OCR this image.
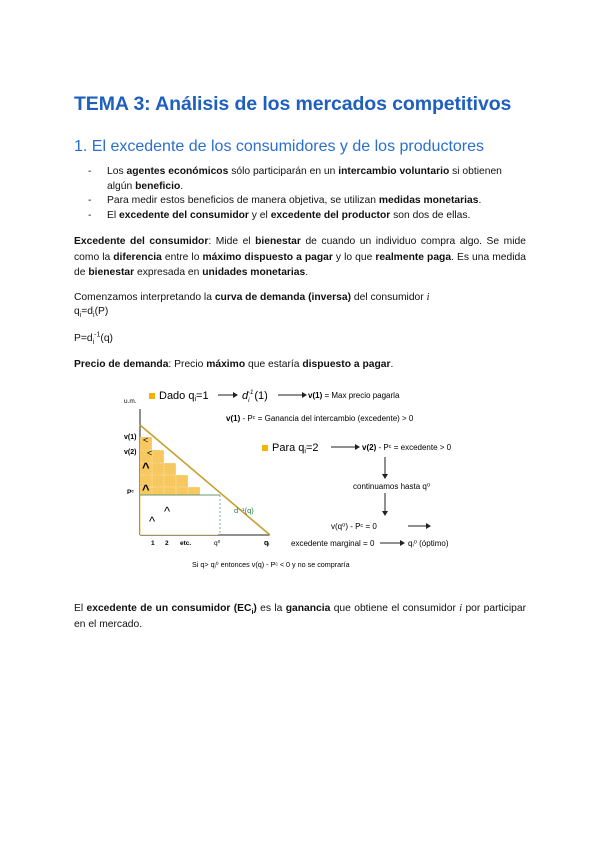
TEMA 3: Análisis de los mercados competitivos
1. El excedente de los consumidores y de los productores
- Los agentes económicos sólo participarán en un intercambio voluntario si obtienen algún beneficio.
- Para medir estos beneficios de manera objetiva, se utilizan medidas monetarias.
- El excedente del consumidor y el excedente del productor son dos de ellas.
Excedente del consumidor: Mide el bienestar de cuando un individuo compra algo. Se mide como la diferencia entre lo máximo dispuesto a pagar y lo que realmente paga. Es una medida de bienestar expresada en unidades monetarias.
Comenzamos interpretando la curva de demanda (inversa) del consumidor i
$q_i=d_i(P)$
$P=d_i^{-1}(q)$
Precio de demanda: Precio máximo que estaría dispuesto a pagar.
u.m.
v(1)
v(2)
Pᶜ
<
<
^
^
^
^
1 2 etc.	q⁰	qᵢ
d⁻¹(q)
Dado qi=1	$d_i-1(1)$	v(1) = Max precio pagarla
v(1) - Pᶜ = Ganancia del intercambio (excedente) > 0
Para qi=2	v(2) - Pᶜ = excedente > 0
continuamos hasta q⁰
v(q⁰) - Pᶜ = 0
excedente marginal = 0	qᵢ⁰ (óptimo)
Si q> qᵢ⁰ entonces v(q) - Pᶜ < 0 y no se compraría
El excedente de un consumidor $(EC_i)$ es la ganancia que obtiene el consumidor i por participar en el mercado.
